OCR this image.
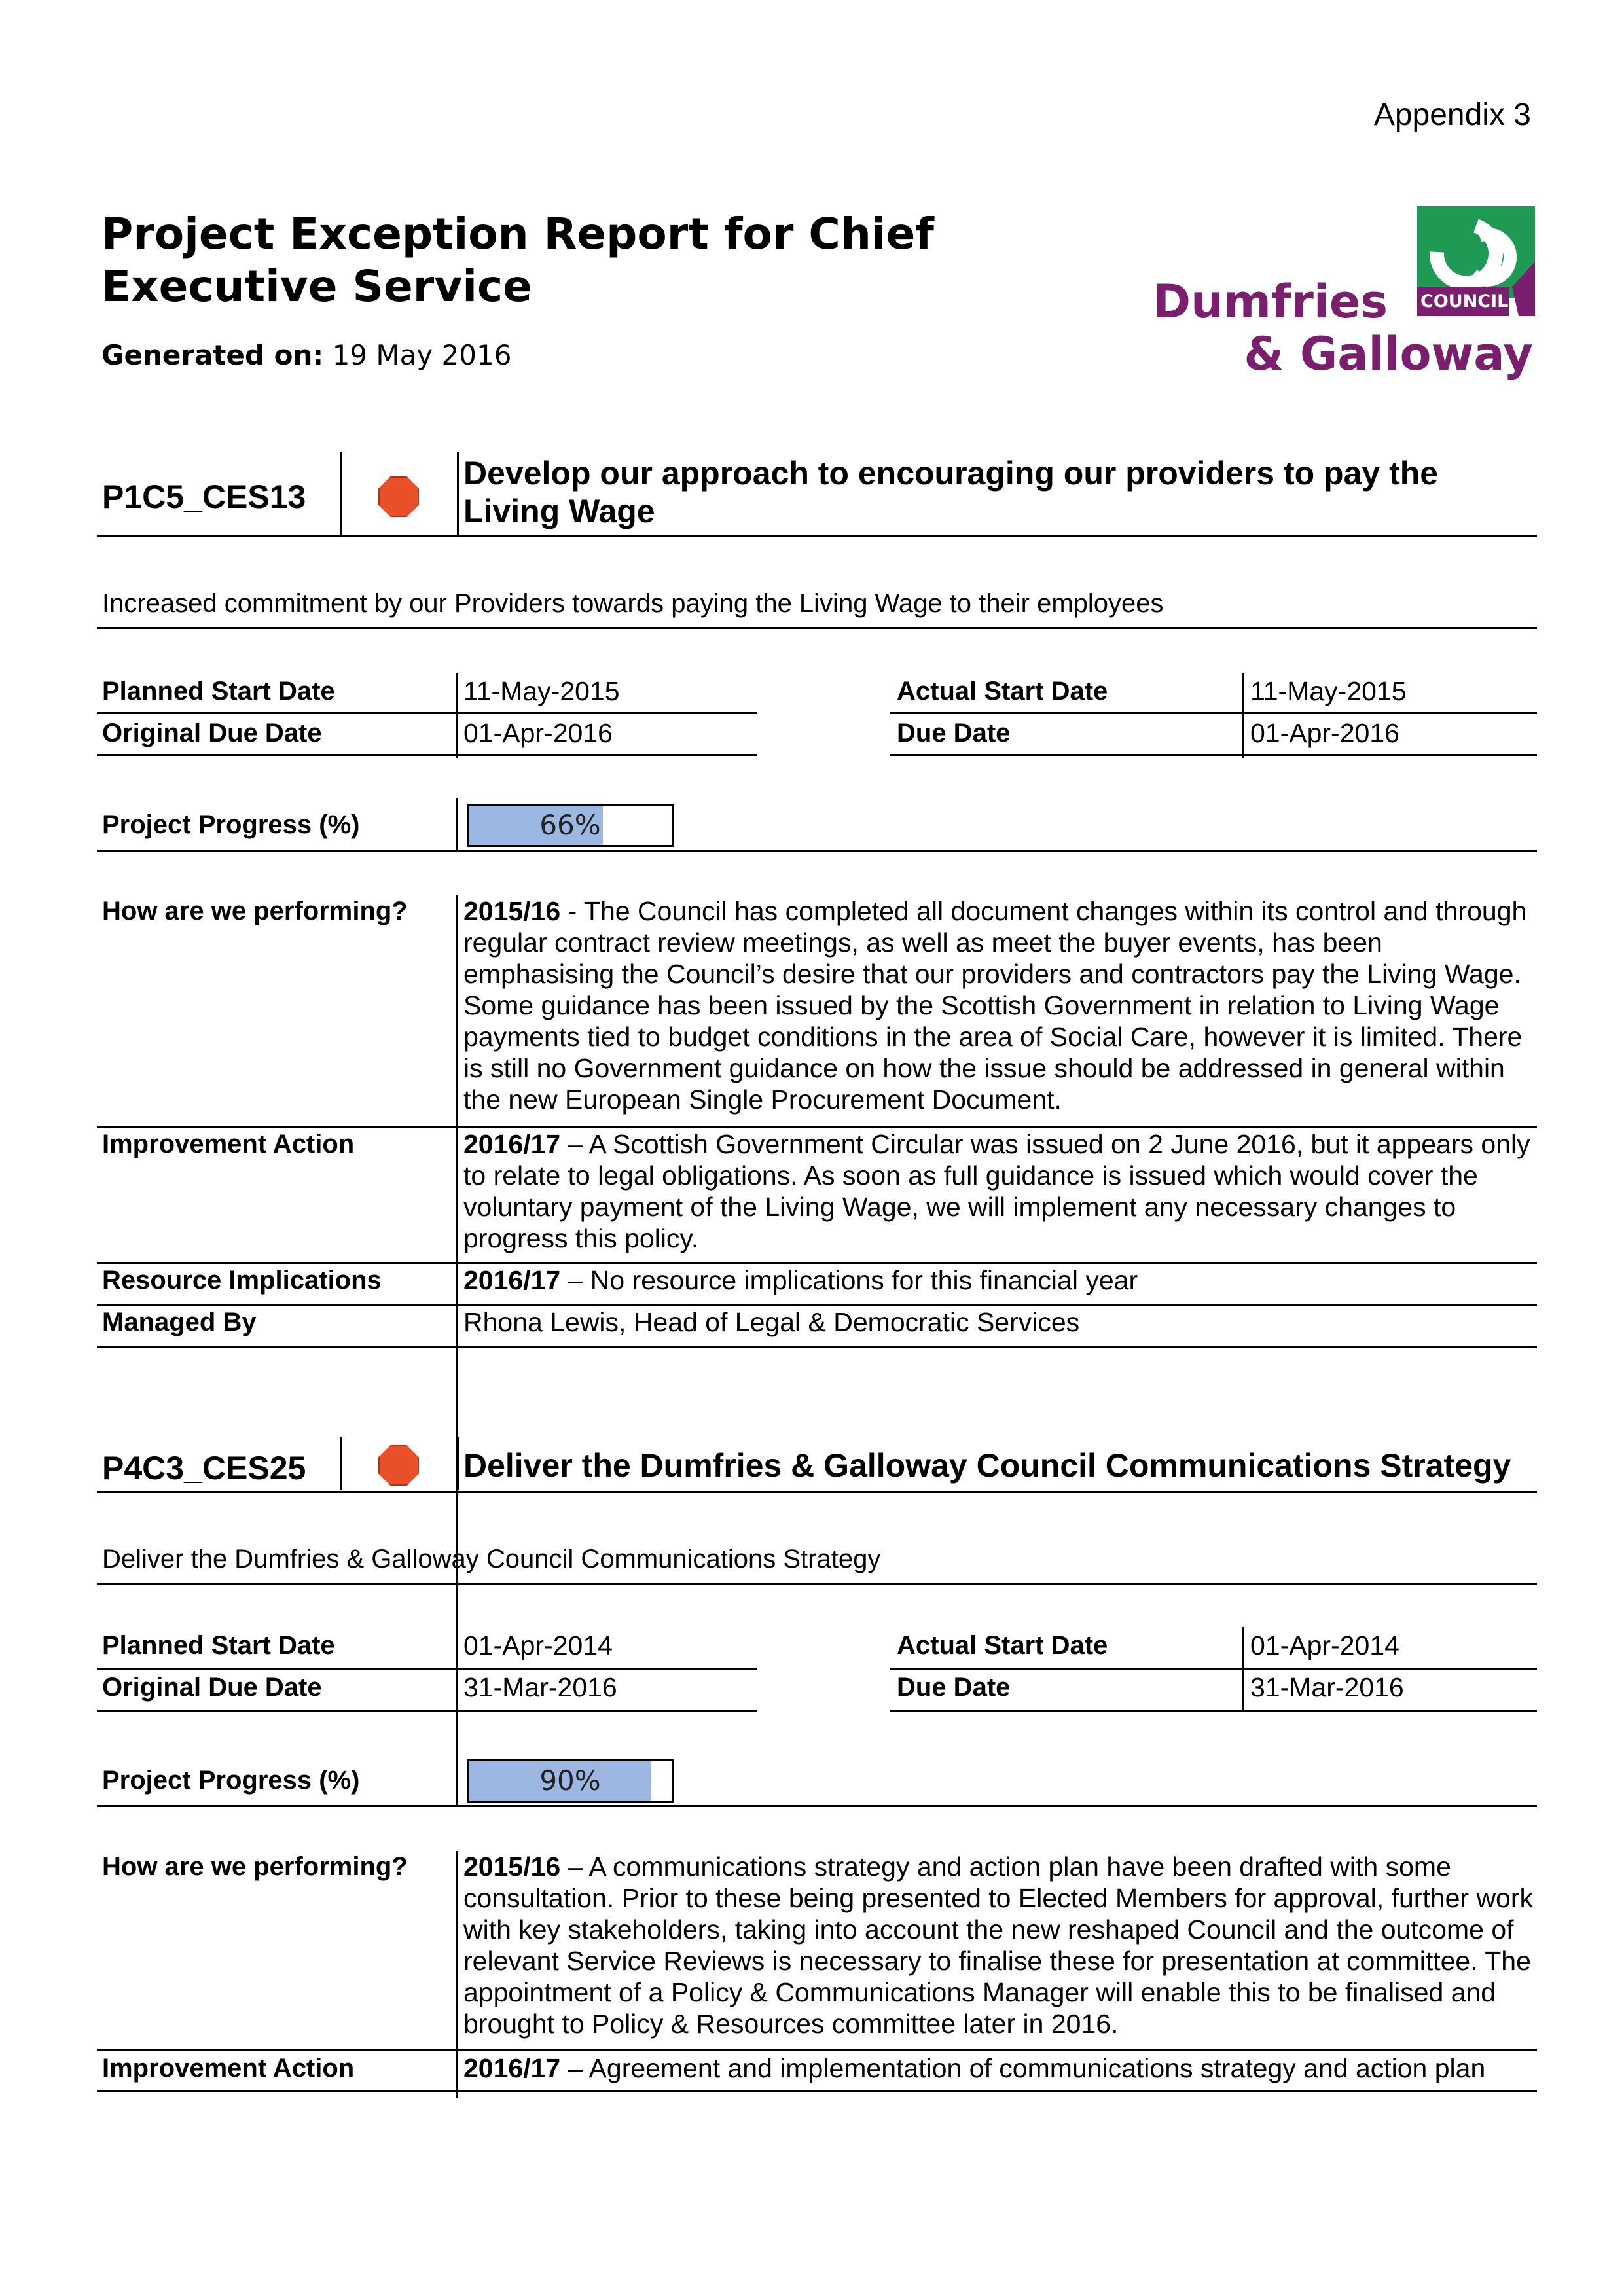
Appendix 3
Project Exception Report for Chief Executive Service
Generated on: 19 May 2016
COUNCIL
Dumfries
& Galloway
P1C5_CES13
Develop our approach to encouraging our providers to pay the Living Wage
Increased commitment by our Providers towards paying the Living Wage to their employees
Planned Start Date	11-May-2015
Original Due Date	01-Apr-2016
Actual Start Date	11-May-2015
Due Date	01-Apr-2016
Project Progress (%)	66%
How are we performing? 2015/16 - The Council has completed all document changes within its control and through regular contract review meetings, as well as meet the buyer events, has been emphasising the Council’s desire that our providers and contractors pay the Living Wage. Some guidance has been issued by the Scottish Government in relation to Living Wage payments tied to budget conditions in the area of Social Care, however it is limited. There is still no Government guidance on how the issue should be addressed in general within the new European Single Procurement Document.
Improvement Action	2016/17 – A Scottish Government Circular was issued on 2 June 2016, but it appears only to relate to legal obligations. As soon as full guidance is issued which would cover the voluntary payment of the Living Wage, we will implement any necessary changes to progress this policy.
Resource Implications	2016/17 – No resource implications for this financial year
Managed By	Rhona Lewis, Head of Legal & Democratic Services
P4C3_CES25	Deliver the Dumfries & Galloway Council Communications Strategy
Deliver the Dumfries & Galloway Council Communications Strategy
Planned Start Date	01-Apr-2014
Original Due Date	31-Mar-2016
Actual Start Date	01-Apr-2014
Due Date	31-Mar-2016
Project Progress (%)	90%
How are we performing? 2015/16 – A communications strategy and action plan have been drafted with some consultation. Prior to these being presented to Elected Members for approval, further work with key stakeholders, taking into account the new reshaped Council and the outcome of relevant Service Reviews is necessary to finalise these for presentation at committee. The appointment of a Policy & Communications Manager will enable this to be finalised and brought to Policy & Resources committee later in 2016.
Improvement Action	2016/17 – Agreement and implementation of communications strategy and action plan
